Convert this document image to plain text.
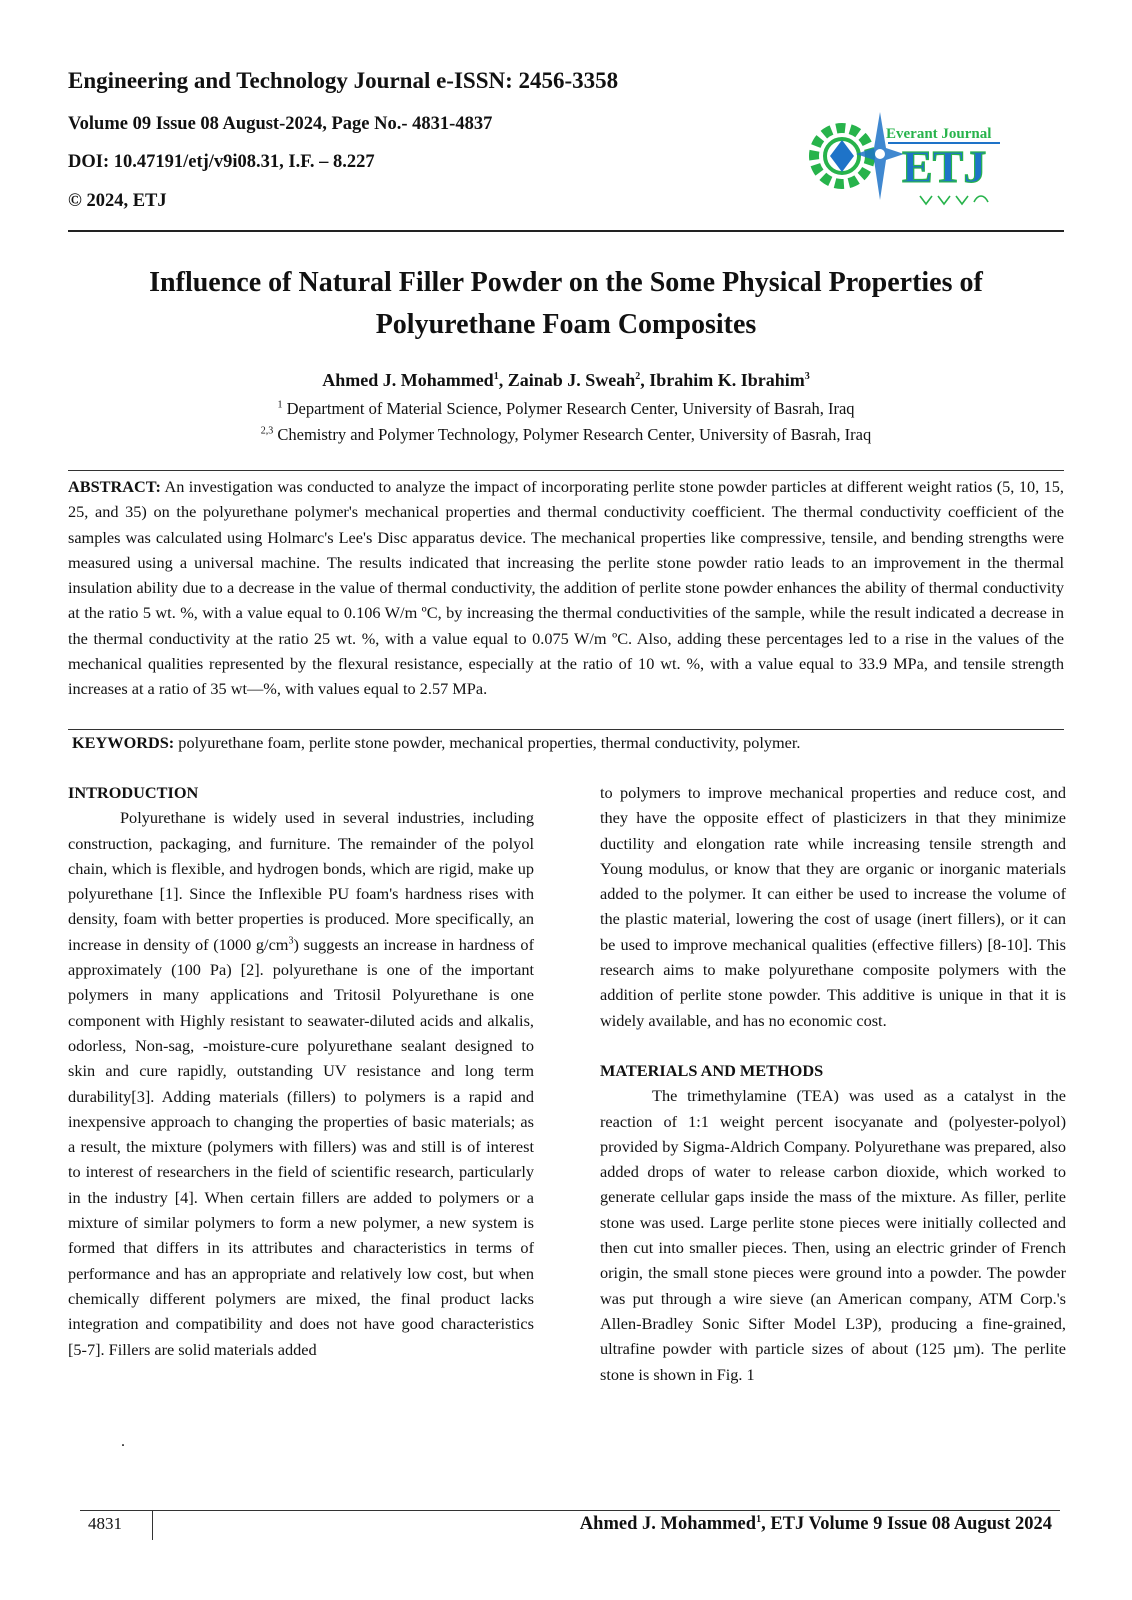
Engineering and Technology Journal e-ISSN: 2456-3358
Volume 09 Issue 08 August-2024, Page No.- 4831-4837
DOI: 10.47191/etj/v9i08.31, I.F. – 8.227
© 2024, ETJ
Everant Journal
ETJ
Influence of Natural Filler Powder on the Some Physical Properties of
Polyurethane Foam Composites
Ahmed J. Mohammed$^1$, Zainab J. Sweah$^2$, Ibrahim K. Ibrahim$^3$
$^1$ Department of Material Science, Polymer Research Center, University of Basrah, Iraq
$^{2,3}$ Chemistry and Polymer Technology, Polymer Research Center, University of Basrah, Iraq
ABSTRACT: An investigation was conducted to analyze the impact of incorporating perlite stone powder particles at different weight ratios (5, 10, 15, 25, and 35) on the polyurethane polymer's mechanical properties and thermal conductivity coefficient. The thermal conductivity coefficient of the samples was calculated using Holmarc's Lee's Disc apparatus device. The mechanical properties like compressive, tensile, and bending strengths were measured using a universal machine. The results indicated that increasing the perlite stone powder ratio leads to an improvement in the thermal insulation ability due to a decrease in the value of thermal conductivity, the addition of perlite stone powder enhances the ability of thermal conductivity at the ratio 5 wt. %, with a value equal to 0.106 W/m ºC, by increasing the thermal conductivities of the sample, while the result indicated a decrease in the thermal conductivity at the ratio 25 wt. %, with a value equal to 0.075 W/m ºC. Also, adding these percentages led to a rise in the values of the mechanical qualities represented by the flexural resistance, especially at the ratio of 10 wt. %, with a value equal to 33.9 MPa, and tensile strength increases at a ratio of 35 wt—%, with values equal to 2.57 MPa.
KEYWORDS: polyurethane foam, perlite stone powder, mechanical properties, thermal conductivity, polymer.

INTRODUCTION

Polyurethane is widely used in several industries, including construction, packaging, and furniture. The remainder of the polyol chain, which is flexible, and hydrogen bonds, which are rigid, make up polyurethane [1]. Since the Inflexible PU foam's hardness rises with density, foam with better properties is produced. More specifically, an increase in density of (1000 $g/cm^3$) suggests an increase in hardness of approximately (100 Pa) [2]. polyurethane is one of the important polymers in many applications and Tritosil Polyurethane is one component with Highly resistant to seawater-diluted acids and alkalis, odorless, Non-sag, -moisture-cure polyurethane sealant designed to skin and cure rapidly, outstanding UV resistance and long term durability[3]. Adding materials (fillers) to polymers is a rapid and inexpensive approach to changing the properties of basic materials; as a result, the mixture (polymers with fillers) was and still is of interest to interest of researchers in the field of scientific research, particularly in the industry [4]. When certain fillers are added to polymers or a mixture of similar polymers to form a new polymer, a new system is formed that differs in its attributes and characteristics in terms of performance and has an appropriate and relatively low cost, but when chemically different polymers are mixed, the final product lacks integration and compatibility and does not have good characteristics [5-7]. Fillers are solid materials added

to polymers to improve mechanical properties and reduce cost, and they have the opposite effect of plasticizers in that they minimize ductility and elongation rate while increasing tensile strength and Young modulus, or know that they are organic or inorganic materials added to the polymer. It can either be used to increase the volume of the plastic material, lowering the cost of usage (inert fillers), or it can be used to improve mechanical qualities (effective fillers) [8-10]. This research aims to make polyurethane composite polymers with the addition of perlite stone powder. This additive is unique in that it is widely available, and has no economic cost.

MATERIALS AND METHODS

The trimethylamine (TEA) was used as a catalyst in the reaction of 1:1 weight percent isocyanate and (polyester-polyol) provided by Sigma-Aldrich Company. Polyurethane was prepared, also added drops of water to release carbon dioxide, which worked to generate cellular gaps inside the mass of the mixture. As filler, perlite stone was used. Large perlite stone pieces were initially collected and then cut into smaller pieces. Then, using an electric grinder of French origin, the small stone pieces were ground into a powder. The powder was put through a wire sieve (an American company, ATM Corp.'s Allen-Bradley Sonic Sifter Model L3P), producing a fine-grained, ultrafine powder with particle sizes of about (125 µm). The perlite stone is shown in Fig. 1

.
4831	Ahmed J. Mohammed$^1$, ETJ Volume 9 Issue 08 August 2024
